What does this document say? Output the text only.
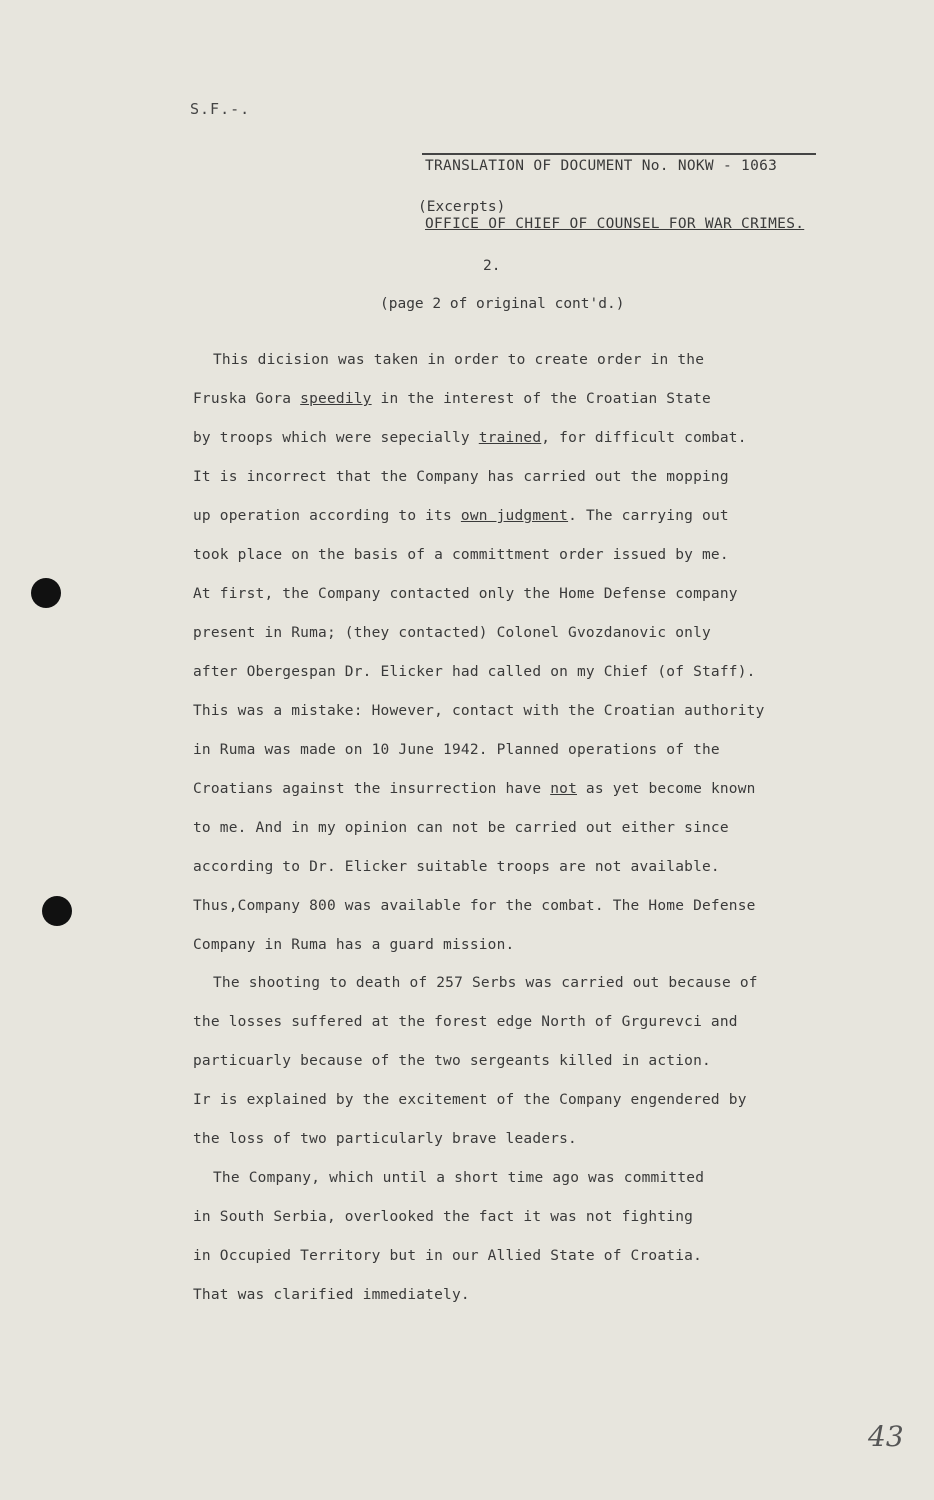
S.F.-.
TRANSLATION OF DOCUMENT No. NOKW - 1063
(Excerpts)
OFFICE OF CHIEF OF COUNSEL FOR WAR CRIMES.
2.
(page 2 of original cont'd.)
This dicision was taken in order to create order in the
Fruska Gora speedily in the interest of the Croatian State
by troops which were sepecially trained, for difficult combat.
It is incorrect that the Company has carried out the mopping
up operation according to its own judgment. The carrying out
took place on the basis of a committment order issued by me.
At first, the Company contacted only the Home Defense company
present in Ruma; (they contacted) Colonel Gvozdanovic only
after Obergespan Dr. Elicker had called on my Chief (of Staff).
This was a mistake: However, contact with the Croatian authority
in Ruma was made on 10 June 1942. Planned operations of the
Croatians against the insurrection have not as yet become known
to me. And in my opinion can not be carried out either since
according to Dr. Elicker suitable troops are not available.
Thus,Company 800 was available for the combat. The Home Defense
Company in Ruma has a guard mission.
The shooting to death of 257 Serbs was carried out because of
the losses suffered at the forest edge North of Grgurevci and
particuarly because of the two sergeants killed in action.
Ir is explained by the excitement of the Company engendered by
the loss of two particularly brave leaders.
The Company, which until a short time ago was committed
in South Serbia, overlooked the fact it was not fighting
in Occupied Territory but in our Allied State of Croatia.
That was clarified immediately.
43
